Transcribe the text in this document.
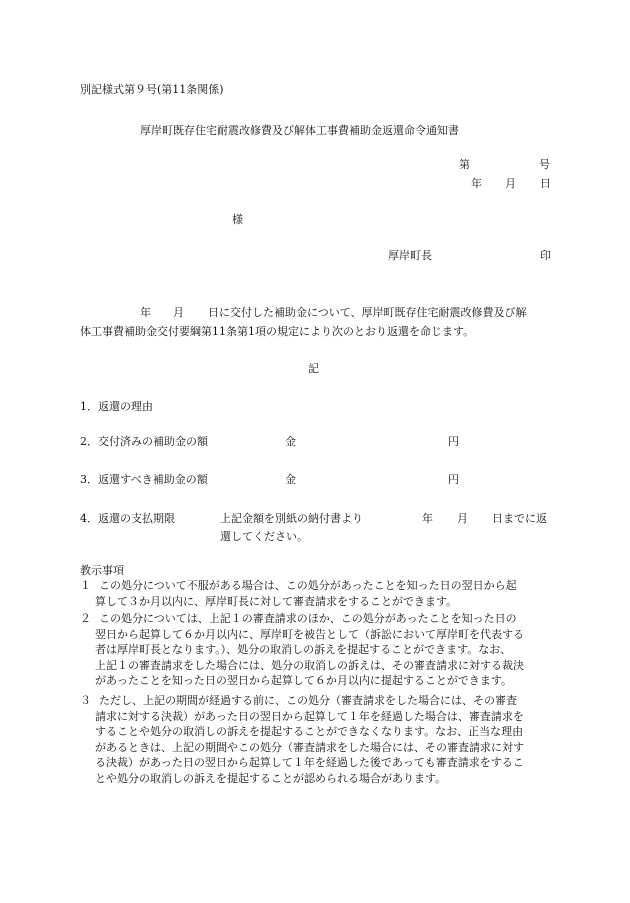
別記様式第９号(第11条関係)
厚岸町既存住宅耐震改修費及び解体工事費補助金返還命令通知書
第	号
年 月 日
様
厚岸町長	印
年 月 日に交付した補助金について、厚岸町既存住宅耐震改修費及び解
体工事費補助金交付要綱第11条第1項の規定により次のとおり返還を命じます。
記
1．返還の理由
2．交付済みの補助金の額	金	円
3．返還すべき補助金の額	金	円
4．返還の支払期限	上記金額を別紙の納付書より	年 月 日までに返
還してください。
教示事項
１
　この処分について不服がある場合は、この処分があったことを知った日の翌日から起
算して３か月以内に、厚岸町長に対して審査請求をすることができます。
２
　この処分については、上記１の審査請求のほか、この処分があったことを知った日の
翌日から起算して６か月以内に、厚岸町を被告として（訴訟において厚岸町を代表する
者は厚岸町長となります。）、処分の取消しの訴えを提起することができます。なお、
上記１の審査請求をした場合には、処分の取消しの訴えは、その審査請求に対する裁決
があったことを知った日の翌日から起算して６か月以内に提起することができます。
３
　ただし、上記の期間が経過する前に、この処分（審査請求をした場合には、その審査
請求に対する決裁）があった日の翌日から起算して１年を経過した場合は、審査請求を
することや処分の取消しの訴えを提起することができなくなります。なお、正当な理由
があるときは、上記の期間やこの処分（審査請求をした場合には、その審査請求に対す
る決裁）があった日の翌日から起算して１年を経過した後であっても審査請求をするこ
とや処分の取消しの訴えを提起することが認められる場合があります。
